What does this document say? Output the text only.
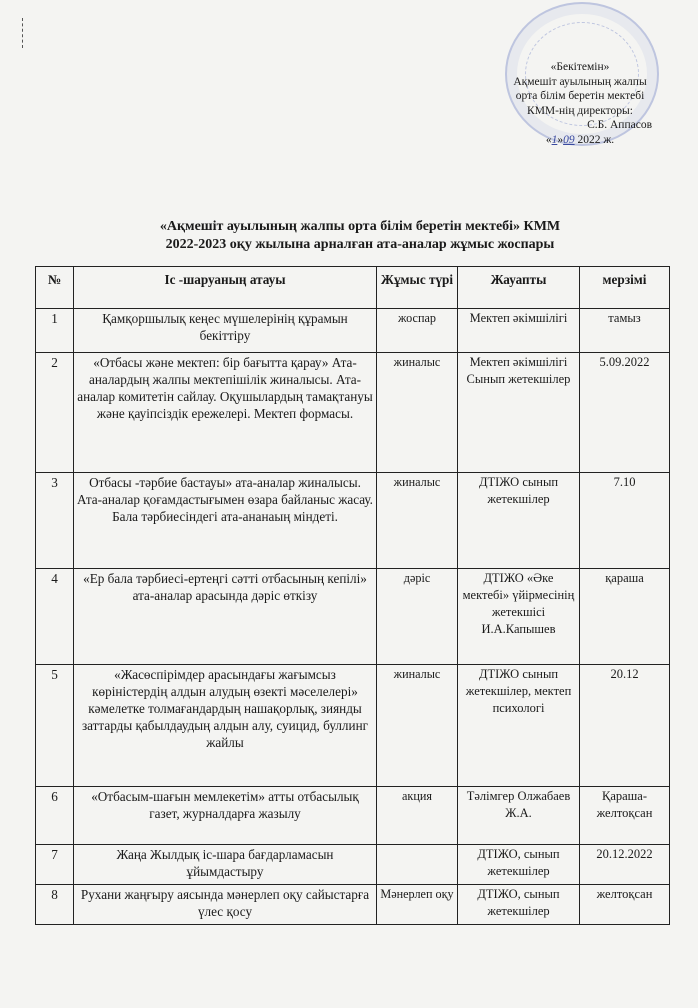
«Бекітемін»
Ақмешіт ауылының жалпы
орта білім беретін мектебі
КММ-нің директоры:
С.Б. Аппасов
«1»09 2022 ж.
«Ақмешіт ауылының жалпы орта білім беретін мектебі» КММ
2022-2023 оқу жылына арналған ата-аналар жұмыс жоспары
№	Іс -шаруаның атауы	Жұмыс түрі	Жауапты	мерзімі
1	Қамқоршылық кеңес мүшелерінің құрамын бекіттіру	жоспар	Мектеп әкімшілігі	тамыз
2	«Отбасы және мектеп: бір бағытта қарау» Ата-аналардың жалпы мектепішілік жиналысы. Ата-аналар комитетін сайлау. Оқушылардың тамақтануы және қауіпсіздік ережелері. Мектеп формасы.	жиналыс	Мектеп әкімшілігі Сынып жетекшілер	5.09.2022
3	Отбасы -тәрбие бастауы» ата-аналар жиналысы. Ата-аналар қоғамдастығымен өзара байланыс жасау. Бала тәрбиесіндегі ата-ананаың міндеті.	жиналыс	ДТІЖО сынып жетекшілер	7.10
4	«Ер бала тәрбиесі-ертеңгі сәтті отбасының кепілі» ата-аналар арасында дәріс өткізу	дәріс	ДТІЖО «Әке мектебі» үйірмесінің жетекшісі И.А.Капышев	қараша
5	«Жасөспірімдер арасындағы жағымсыз көріністердің алдын алудың өзекті мәселелері» кәмелетке толмағандардың нашақорлық, зиянды заттарды қабылдаудың алдын алу, суицид, буллинг жайлы	жиналыс	ДТІЖО сынып жетекшілер, мектеп психологі	20.12
6	«Отбасым-шағын мемлекетім» атты отбасылық газет, журналдарға жазылу	акция	Тәлімгер Олжабаев Ж.А.	Қараша-желтоқсан
7	Жаңа Жылдық іс-шара бағдарламасын ұйымдастыру		ДТІЖО, сынып жетекшілер	20.12.2022
8	Рухани жаңғыру аясында мәнерлеп оқу сайыстарға үлес қосу	Мәнерлеп оқу	ДТІЖО, сынып жетекшілер	желтоқсан
